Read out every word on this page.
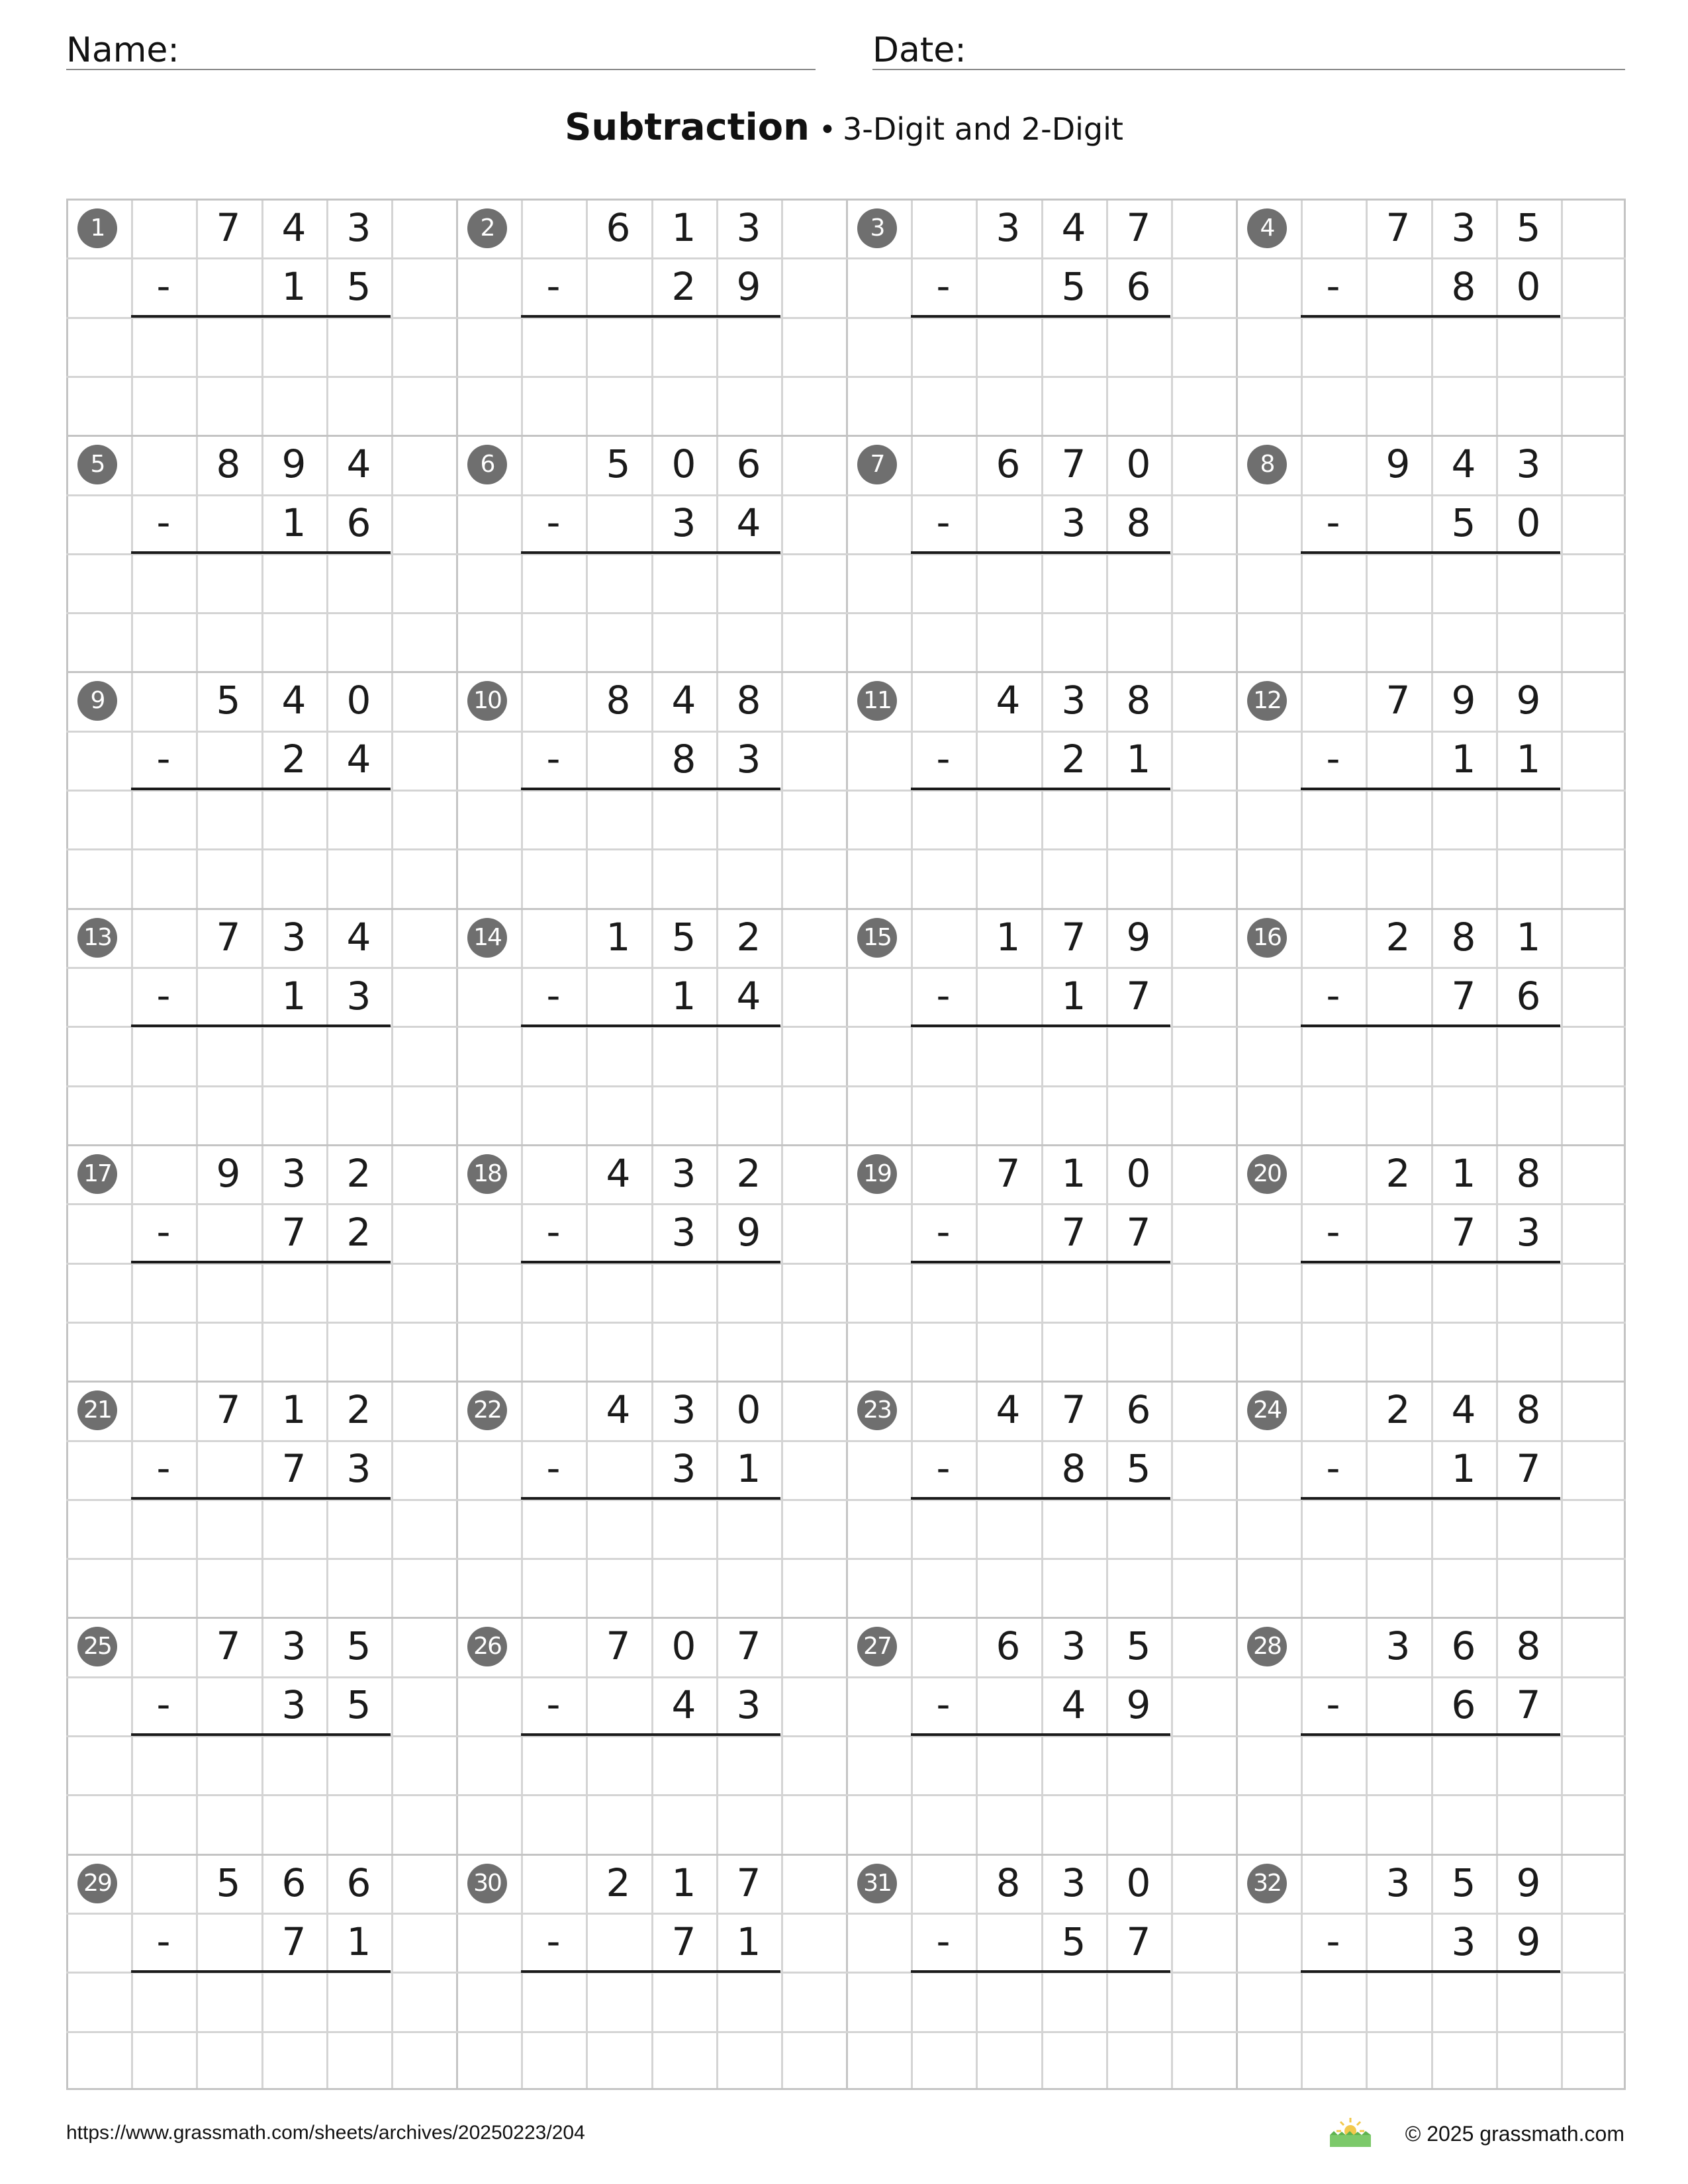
Name:	Date:
Subtraction • 3-Digit and 2-Digit
1	7	4	3
-	1	5
2	6	1	3
-	2	9
3	3	4	7
-	5	6
4	7	3	5
-	8	0
5	8	9	4
-	1	6
6	5	0	6
-	3	4
7	6	7	0
-	3	8
8	9	4	3
-	5	0
9	5	4	0
-	2	4
10	8	4	8
-	8	3
11	4	3	8
-	2	1
12	7	9	9
-	1	1
13	7	3	4
-	1	3
14	1	5	2
-	1	4
15	1	7	9
-	1	7
16	2	8	1
-	7	6
17	9	3	2
-	7	2
18	4	3	2
-	3	9
19	7	1	0
-	7	7
20	2	1	8
-	7	3
21	7	1	2
-	7	3
22	4	3	0
-	3	1
23	4	7	6
-	8	5
24	2	4	8
-	1	7
25	7	3	5
-	3	5
26	7	0	7
-	4	3
27	6	3	5
-	4	9
28	3	6	8
-	6	7
29	5	6	6
-	7	1
30	2	1	7
-	7	1
31	8	3	0
-	5	7
32	3	5	9
-	3	9
https://www.grassmath.com/sheets/archives/20250223/204	© 2025 grassmath.com
